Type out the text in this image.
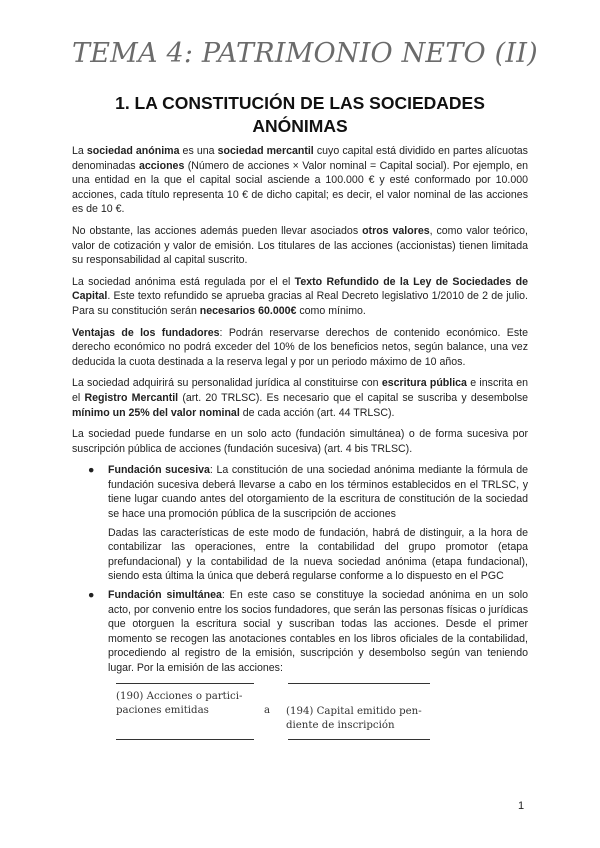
TEMA 4: PATRIMONIO NETO (II)
1. LA CONSTITUCIÓN DE LAS SOCIEDADES
ANÓNIMAS

La sociedad anónima es una sociedad mercantil cuyo capital está dividido en partes alícuotas denominadas acciones (Número de acciones × Valor nominal = Capital social). Por ejemplo, en una entidad en la que el capital social asciende a 100.000 € y esté conformado por 10.000 acciones, cada título representa 10 € de dicho capital; es decir, el valor nominal de las acciones es de 10 €.

No obstante, las acciones además pueden llevar asociados otros valores, como valor teórico, valor de cotización y valor de emisión. Los titulares de las acciones (accionistas) tienen limitada su responsabilidad al capital suscrito.

La sociedad anónima está regulada por el el Texto Refundido de la Ley de Sociedades de Capital. Este texto refundido se aprueba gracias al Real Decreto legislativo 1/2010 de 2 de julio. Para su constitución serán necesarios 60.000€ como mínimo.

Ventajas de los fundadores: Podrán reservarse derechos de contenido económico. Este derecho económico no podrá exceder del 10% de los beneficios netos, según balance, una vez deducida la cuota destinada a la reserva legal y por un periodo máximo de 10 años.

La sociedad adquirirá su personalidad jurídica al constituirse con escritura pública e inscrita en el Registro Mercantil (art. 20 TRLSC). Es necesario que el capital se suscriba y desembolse mínimo un 25% del valor nominal de cada acción (art. 44 TRLSC).

La sociedad puede fundarse en un solo acto (fundación simultánea) o de forma sucesiva por suscripción pública de acciones (fundación sucesiva) (art. 4 bis TRLSC).

● Fundación sucesiva: La constitución de una sociedad anónima mediante la fórmula de fundación sucesiva deberá llevarse a cabo en los términos establecidos en el TRLSC, y tiene lugar cuando antes del otorgamiento de la escritura de constitución de la sociedad se hace una promoción pública de la suscripción de acciones

Dadas las características de este modo de fundación, habrá de distinguir, a la hora de contabilizar las operaciones, entre la contabilidad del grupo promotor (etapa prefundacional) y la contabilidad de la nueva sociedad anónima (etapa fundacional), siendo esta última la única que deberá regularse conforme a lo dispuesto en el PGC

● Fundación simultánea: En este caso se constituye la sociedad anónima en un solo acto, por convenio entre los socios fundadores, que serán las personas físicas o jurídicas que otorguen la escritura social y suscriban todas las acciones. Desde el primer momento se recogen las anotaciones contables en los libros oficiales de la contabilidad, procediendo al registro de la emisión, suscripción y desembolso según van teniendo lugar. Por la emisión de las acciones:

(190) Acciones o partici-
paciones emitidas	a (194) Capital emitido pen-
diente de inscripción
1
